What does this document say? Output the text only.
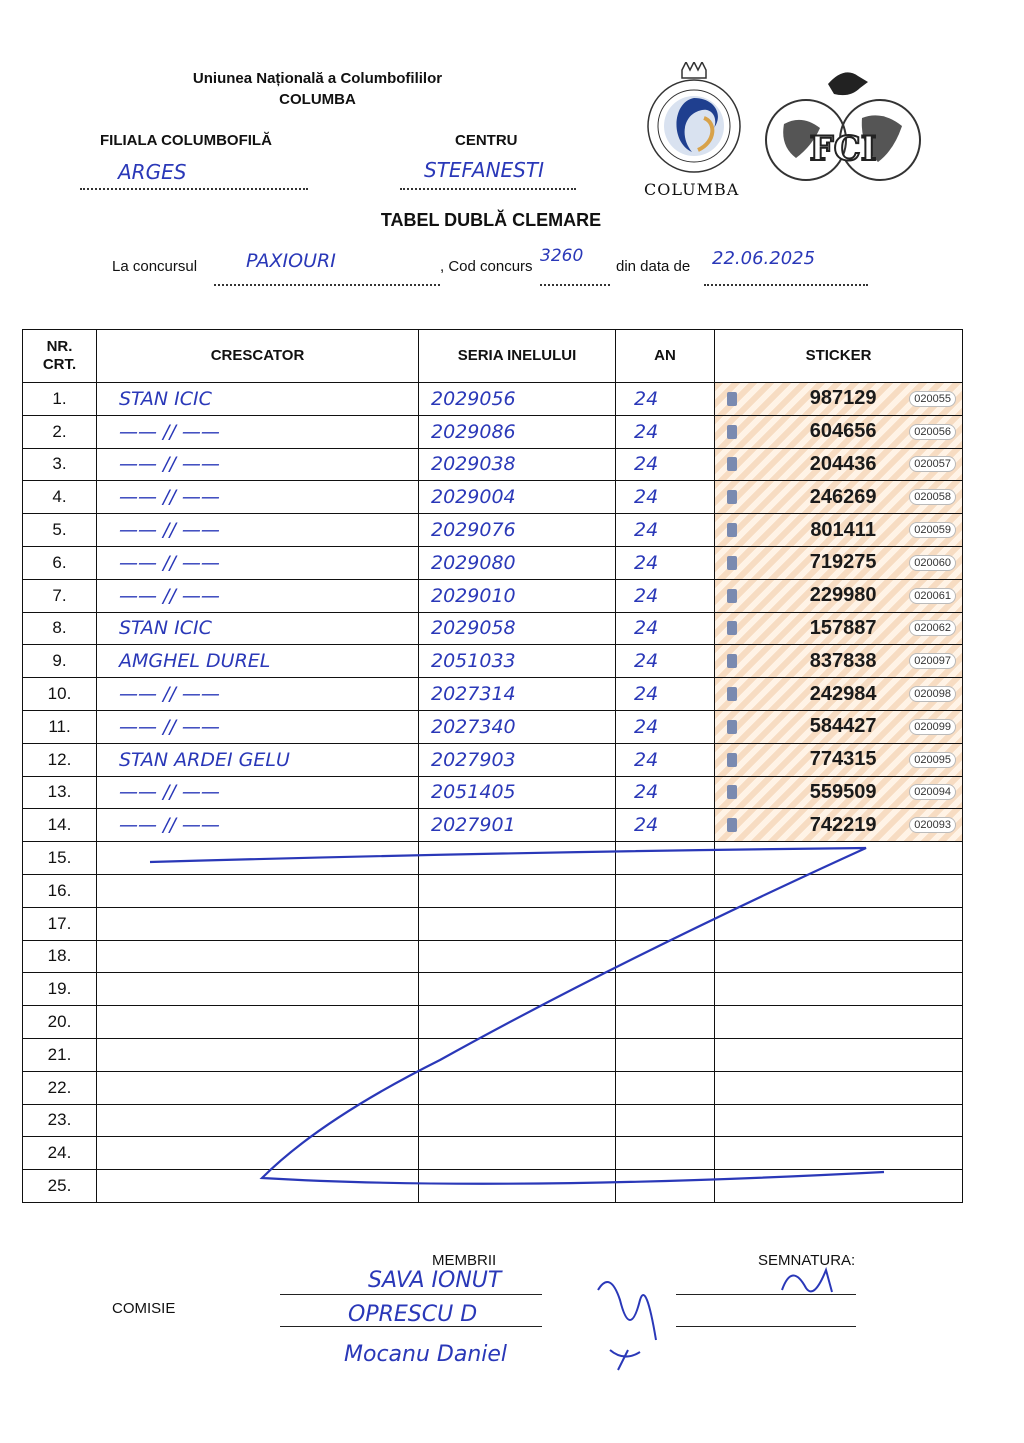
Uniunea Națională a Columbofililor
COLUMBA
FILIALA COLUMBOFILĂ
ARGES
CENTRU
STEFANESTI
COLUMBA
FCI
TABEL DUBLĂ CLEMARE
La concursul	PAXIOURI	, Cod concurs
3260
din data de 22.06.2025
NR. CRT.	CRESCATOR	SERIA INELULUI	AN	STICKER
1.	STAN ICIC	2029056	24	987129 020055

2.	—— // ——	2029086	24	604656 020056

3.	—— // ——	2029038	24	204436 020057

4.	—— // ——	2029004	24	246269 020058

5.	—— // ——	2029076	24	801411 020059

6.	—— // ——	2029080	24	719275 020060

7.	—— // ——	2029010	24	229980 020061

8.	STAN ICIC	2029058	24	157887 020062

9.	AMGHEL DUREL	2051033	24	837838 020097

10.	—— // ——	2027314	24	242984 020098

11.	—— // ——	2027340	24	584427 020099

12.	STAN ARDEI GELU	2027903	24	774315 020095

13.	—— // ——	2051405	24	559509 020094

14.	—— // ——	2027901	24	742219 020093

15.				
16.				
17.				
18.				
19.				
20.				
21.				
22.				
23.				
24.				
25.				
MEMBRII	SEMNATURA:
COMISIE
SAVA IONUT
OPRESCU D
Mocanu Daniel
